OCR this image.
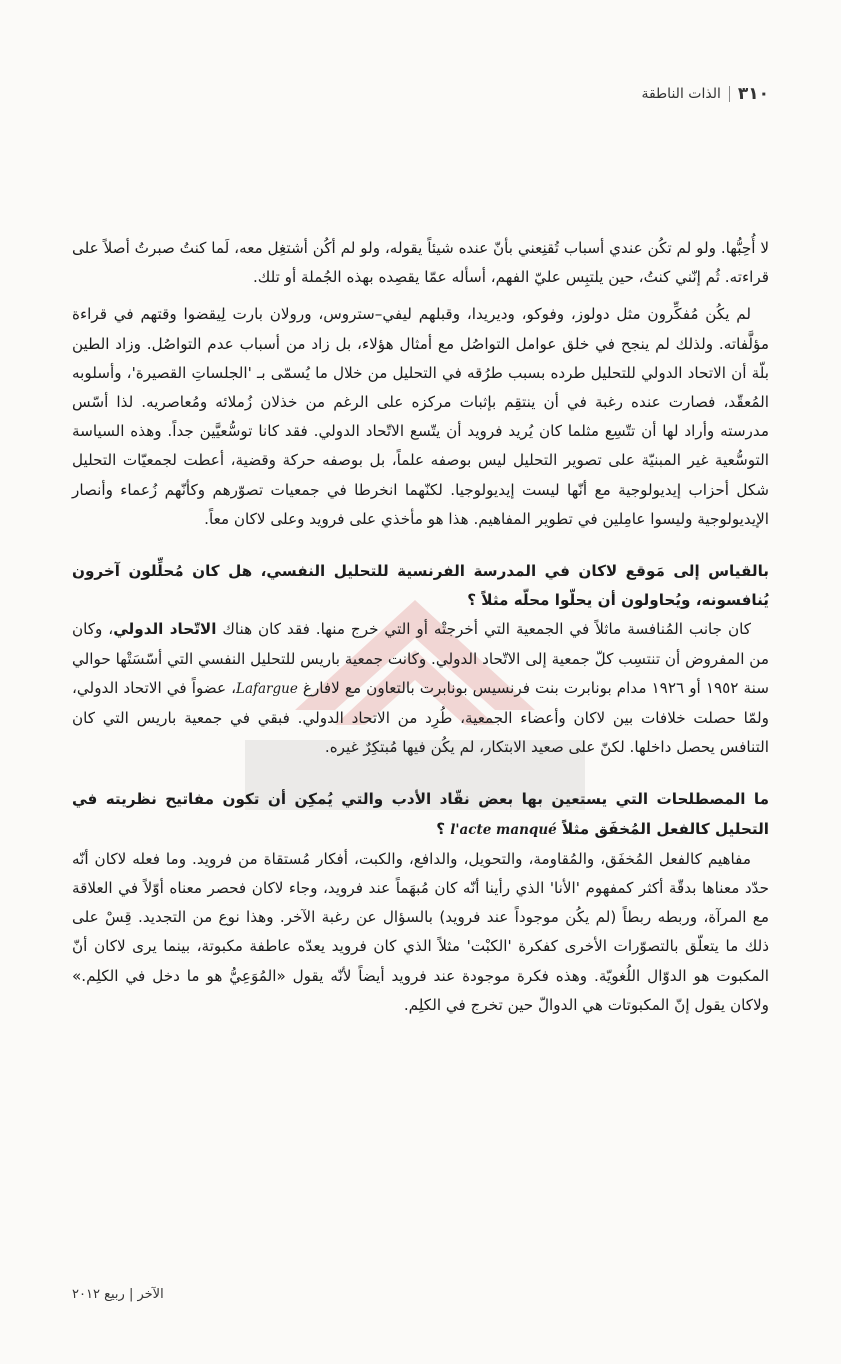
٣١٠
الذات الناطقة

لا أُحِبُّها. ولو لم تكُن عندي أسباب تُقنِعني بأنّ عنده شيئاً يقوله، ولو لم أكُن أشتغِل معه، لَما كنتُ صبرتُ أصلاً على قراءته. ثُم إنّني كنتُ، حين يلتبِس عليّ الفهم، أسأله عمّا يقصِده بهذه الجُملة أو تلك.

لم يكُن مُفكِّرون مثل دولوز، وفوكو، وديريدا، وقبلهم ليفي–ستروس، ورولان بارت لِيقضوا وقتهم في قراءة مؤلَّفاته. ولذلك لم ينجح في خلق عوامل التواصُل مع أمثال هؤلاء، بل زاد من أسباب عدم التواصُل. وزاد الطين بلّة أن الاتحاد الدولي للتحليل طرده بسبب طرُقه في التحليل من خلال ما يُسمّى بـ 'الجلساتِ القصيرة'، وأسلوبه المُعقّد، فصارت عنده رغبة في أن ينتقِم بإثبات مركزه على الرغم من خذلان زُملائه ومُعاصريه. لذا أسّس مدرسته وأراد لها أن تتّسِع مثلما كان يُريد فرويد أن يتّسع الاتّحاد الدولي. فقد كانا توسُّعيَّين جداً. وهذه السياسة التوسُّعية غير المبنيّة على تصوير التحليل ليس بوصفه علماً، بل بوصفه حركة وقضية، أعطت لجمعيّات التحليل شكل أحزاب إيديولوجية مع أنّها ليست إيديولوجيا. لكنّهما انخرطا في جمعيات تصوّرهم وكأنّهم زُعماء وأنصار الإيديولوجية وليسوا عامِلين في تطوير المفاهيم. هذا هو مأخذي على فرويد وعلى لاكان معاً.

بالقياس إلى مَوقع لاكان في المدرسة الفرنسية للتحليل النفسي، هل كان مُحلِّلون آخرون يُنافسونه، ويُحاولون أن يحلّوا محلّه مثلاً ؟

كان جانب المُنافسة ماثلاً في الجمعية التي أخرجتْه أو التي خرج منها. فقد كان هناك الاتّحاد الدولي، وكان من المفروض أن تنتسِب كلّ جمعية إلى الاتّحاد الدولي. وكانت جمعية باريس للتحليل النفسي التي أسّسَتْها حوالي سنة ١٩٥٢ أو ١٩٢٦ مدام بونابرت بنت فرنسيس بونابرت بالتعاون مع لافارغ Lafargue، عضواً في الاتحاد الدولي، ولمّا حصلت خلافات بين لاكان وأعضاء الجمعية، طُرِد من الاتحاد الدولي. فبقي في جمعية باريس التي كان التنافس يحصل داخلها. لكنّ على صعيد الابتكار، لم يكُن فيها مُبتكِرٌ غيره.

ما المصطلحات التي يستعين بها بعض نقّاد الأدب والتي يُمكِن أن تكون مفاتيح نظريته في التحليل كالفعل المُخفَق مثلاً l'acte manqué ؟

مفاهيم كالفعل المُخفَق، والمُقاومة، والتحويل، والدافع، والكبت، أفكار مُستقاة من فرويد. وما فعله لاكان أنّه حدّد معناها بدقّة أكثر كمفهوم 'الأنا' الذي رأينا أنّه كان مُبهَماً عند فرويد، وجاء لاكان فحصر معناه أوّلاً في العلاقة مع المرآة، وربطه ربطاً (لم يكُن موجوداً عند فرويد) بالسؤال عن رغبة الآخر. وهذا نوع من التجديد. قِسْ على ذلك ما يتعلّق بالتصوّرات الأخرى كفكرة 'الكبْت' مثلاً الذي كان فرويد يعدّه عاطفة مكبوتة، بينما يرى لاكان أنّ المكبوت هو الدوّال اللُغويّة. وهذه فكرة موجودة عند فرويد أيضاً لأنّه يقول «المُوَعِيُّ هو ما دخل في الكلِم.» ولاكان يقول إنّ المكبوتات هي الدوالّ حين تخرج في الكلِم.

الآخر | ربيع ٢٠١٢
